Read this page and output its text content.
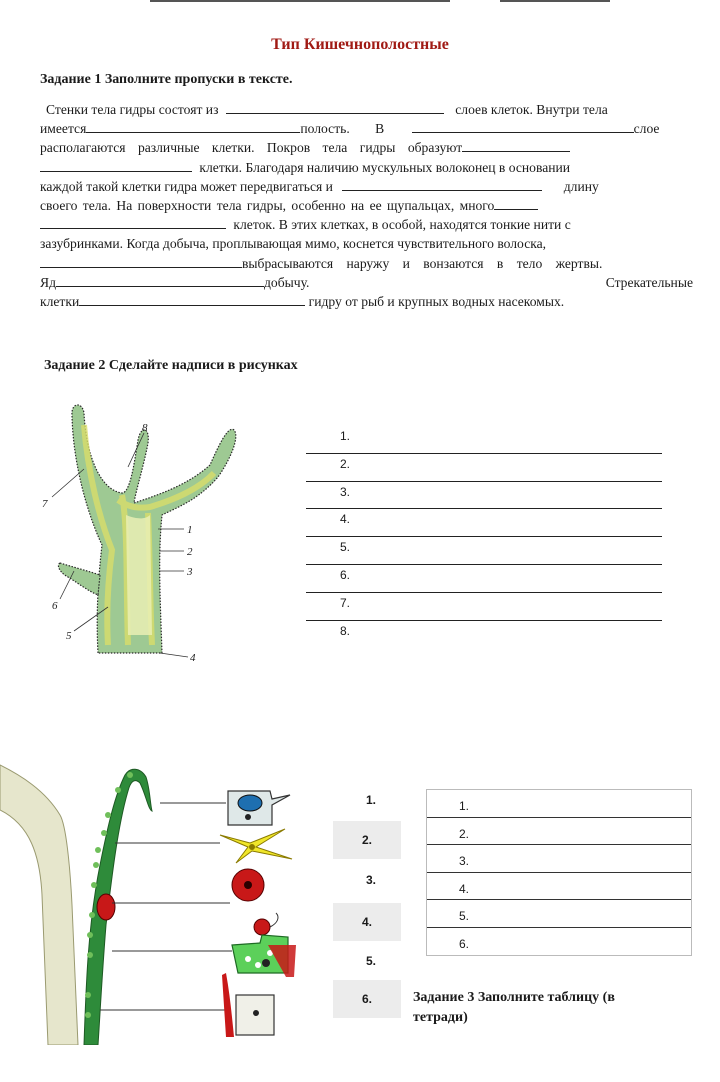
Тип Кишечнополостные
Задание 1 Заполните пропуски в тексте.
Стенки тела гидры состоят из	слоев клеток. Внутри тела
имеется	полость. В	слое
располагаются различные клетки. Покров тела гидры образуют
клетки. Благодаря наличию мускульных волоконец в основании
каждой такой клетки гидра может передвигаться и	длину
своего тела. На поверхности тела гидры, особенно на ее щупальцах, много
клеток. В этих клетках, в особой, находятся тонкие нити с
зазубринками. Когда добыча, проплывающая мимо, коснется чувствительного волоска,
выбрасываются наружу и вонзаются в тело жертвы.
Яд	добычу.	Стрекательные
клетки	гидру от рыб и крупных водных насекомых.
Задание 2 Сделайте надписи в рисунках
8
7
1
2
3
6
5
4
1.
2.
3.
4.
5.
6.
7.
8.
1.
2.
3.
4.
5.
6.
1.
2.
3.
4.
5.
6.
Задание 3 Заполните таблицу (в тетради)
